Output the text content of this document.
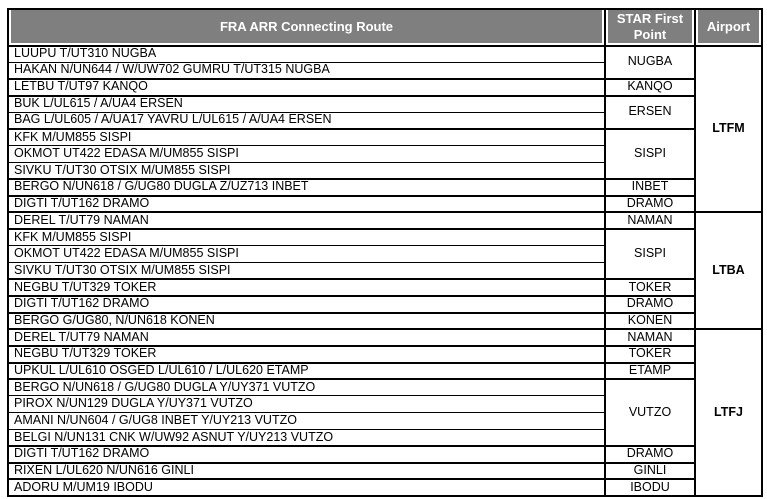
FRA ARR Connecting Route	STAR First Point	Airport
LUUPU T/UT310 NUGBA	NUGBA	LTFM
HAKAN N/UN644 / W/UW702 GUMRU T/UT315 NUGBA		
LETBU T/UT97 KANQO	KANQO	
BUK L/UL615 / A/UA4 ERSEN	ERSEN	
BAG L/UL605 / A/UA17 YAVRU L/UL615 / A/UA4 ERSEN		
KFK M/UM855 SISPI	SISPI	
OKMOT UT422 EDASA M/UM855 SISPI		
SIVKU T/UT30 OTSIX M/UM855 SISPI		
BERGO N/UN618 / G/UG80 DUGLA Z/UZ713 INBET	INBET	
DIGTI T/UT162 DRAMO	DRAMO	
DEREL T/UT79 NAMAN	NAMAN	LTBA
KFK M/UM855 SISPI	SISPI	
OKMOT UT422 EDASA M/UM855 SISPI		
SIVKU T/UT30 OTSIX M/UM855 SISPI		
NEGBU T/UT329 TOKER	TOKER	
DIGTI T/UT162 DRAMO	DRAMO	
BERGO G/UG80, N/UN618 KONEN	KONEN	
DEREL T/UT79 NAMAN	NAMAN	LTFJ
NEGBU T/UT329 TOKER	TOKER	
UPKUL L/UL610 OSGED L/UL610 / L/UL620 ETAMP	ETAMP	
BERGO N/UN618 / G/UG80 DUGLA Y/UY371 VUTZO	VUTZO	
PIROX N/UN129 DUGLA Y/UY371 VUTZO		
AMANI N/UN604 / G/UG8 INBET Y/UY213 VUTZO		
BELGI N/UN131 CNK W/UW92 ASNUT Y/UY213 VUTZO		
DIGTI T/UT162 DRAMO	DRAMO	
RIXEN L/UL620 N/UN616 GINLI	GINLI	
ADORU M/UM19 IBODU	IBODU	
